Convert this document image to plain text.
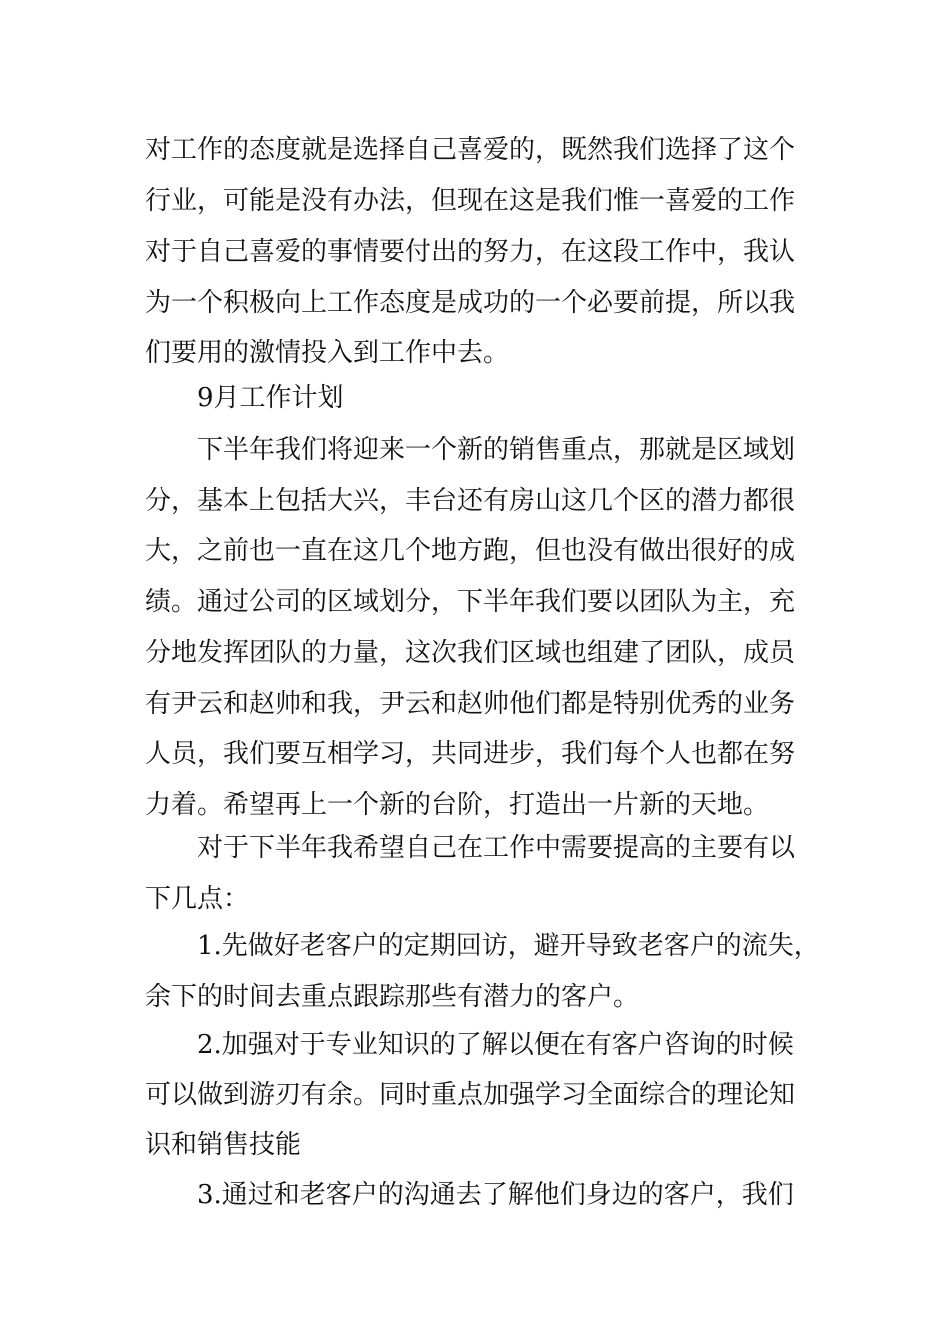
对工作的态度就是选择自己喜爱的，既然我们选择了这个
行业，可能是没有办法，但现在这是我们惟一喜爱的工作
对于自己喜爱的事情要付出的努力，在这段工作中，我认
为一个积极向上工作态度是成功的一个必要前提，所以我
们要用的激情投入到工作中去。
9月工作计划
下半年我们将迎来一个新的销售重点，那就是区域划
分，基本上包括大兴，丰台还有房山这几个区的潜力都很
大，之前也一直在这几个地方跑，但也没有做出很好的成
绩。通过公司的区域划分，下半年我们要以团队为主，充
分地发挥团队的力量，这次我们区域也组建了团队，成员
有尹云和赵帅和我，尹云和赵帅他们都是特别优秀的业务
人员，我们要互相学习，共同进步，我们每个人也都在努
力着。希望再上一个新的台阶，打造出一片新的天地。
对于下半年我希望自己在工作中需要提高的主要有以
下几点：
1.先做好老客户的定期回访，避开导致老客户的流失，
余下的时间去重点跟踪那些有潜力的客户。
2.加强对于专业知识的了解以便在有客户咨询的时候
可以做到游刃有余。同时重点加强学习全面综合的理论知
识和销售技能
3.通过和老客户的沟通去了解他们身边的客户，我们
